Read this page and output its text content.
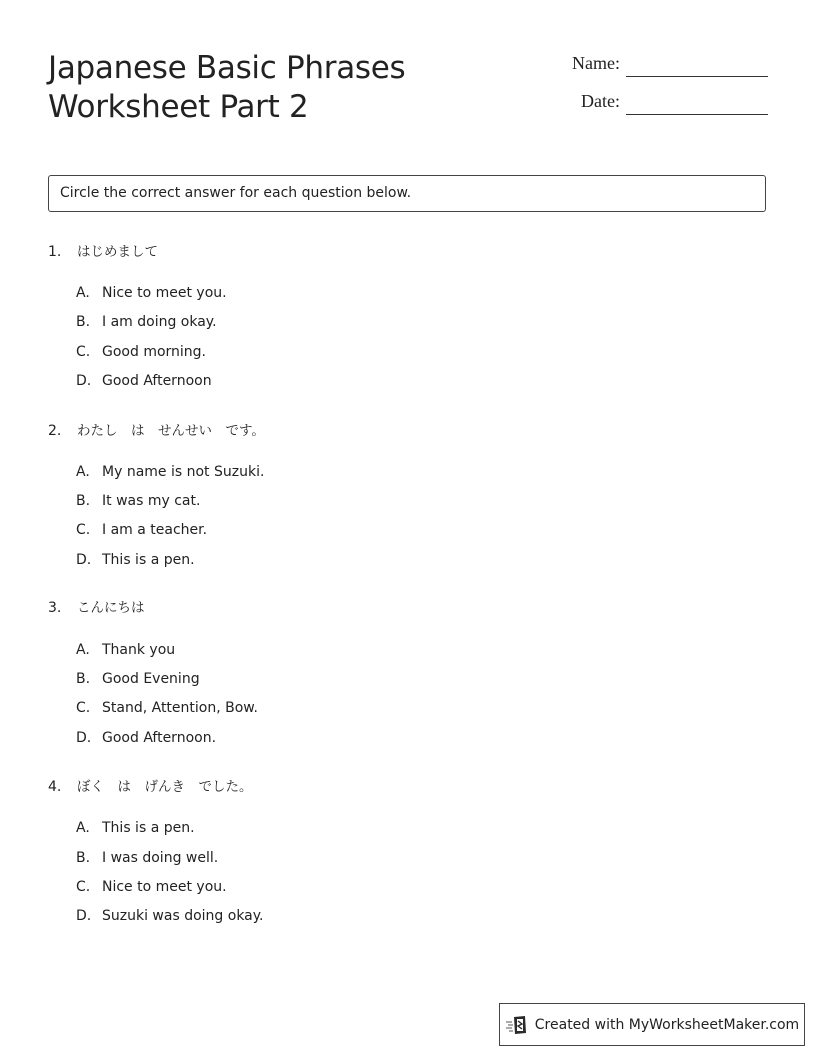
Japanese Basic Phrases
Worksheet Part 2
Name:
Date:
Circle the correct answer for each question below.
1. はじめまして
A. Nice to meet you.
B. I am doing okay.
C. Good morning.
D. Good Afternoon
2. わたし　は　せんせい　です。
A. My name is not Suzuki.
B. It was my cat.
C. I am a teacher.
D. This is a pen.
3. こんにちは
A. Thank you
B. Good Evening
C. Stand, Attention, Bow.
D. Good Afternoon.
4. ぼく　は　げんき　でした。
A. This is a pen.
B. I was doing well.
C. Nice to meet you.
D. Suzuki was doing okay.
Created with MyWorksheetMaker.com
